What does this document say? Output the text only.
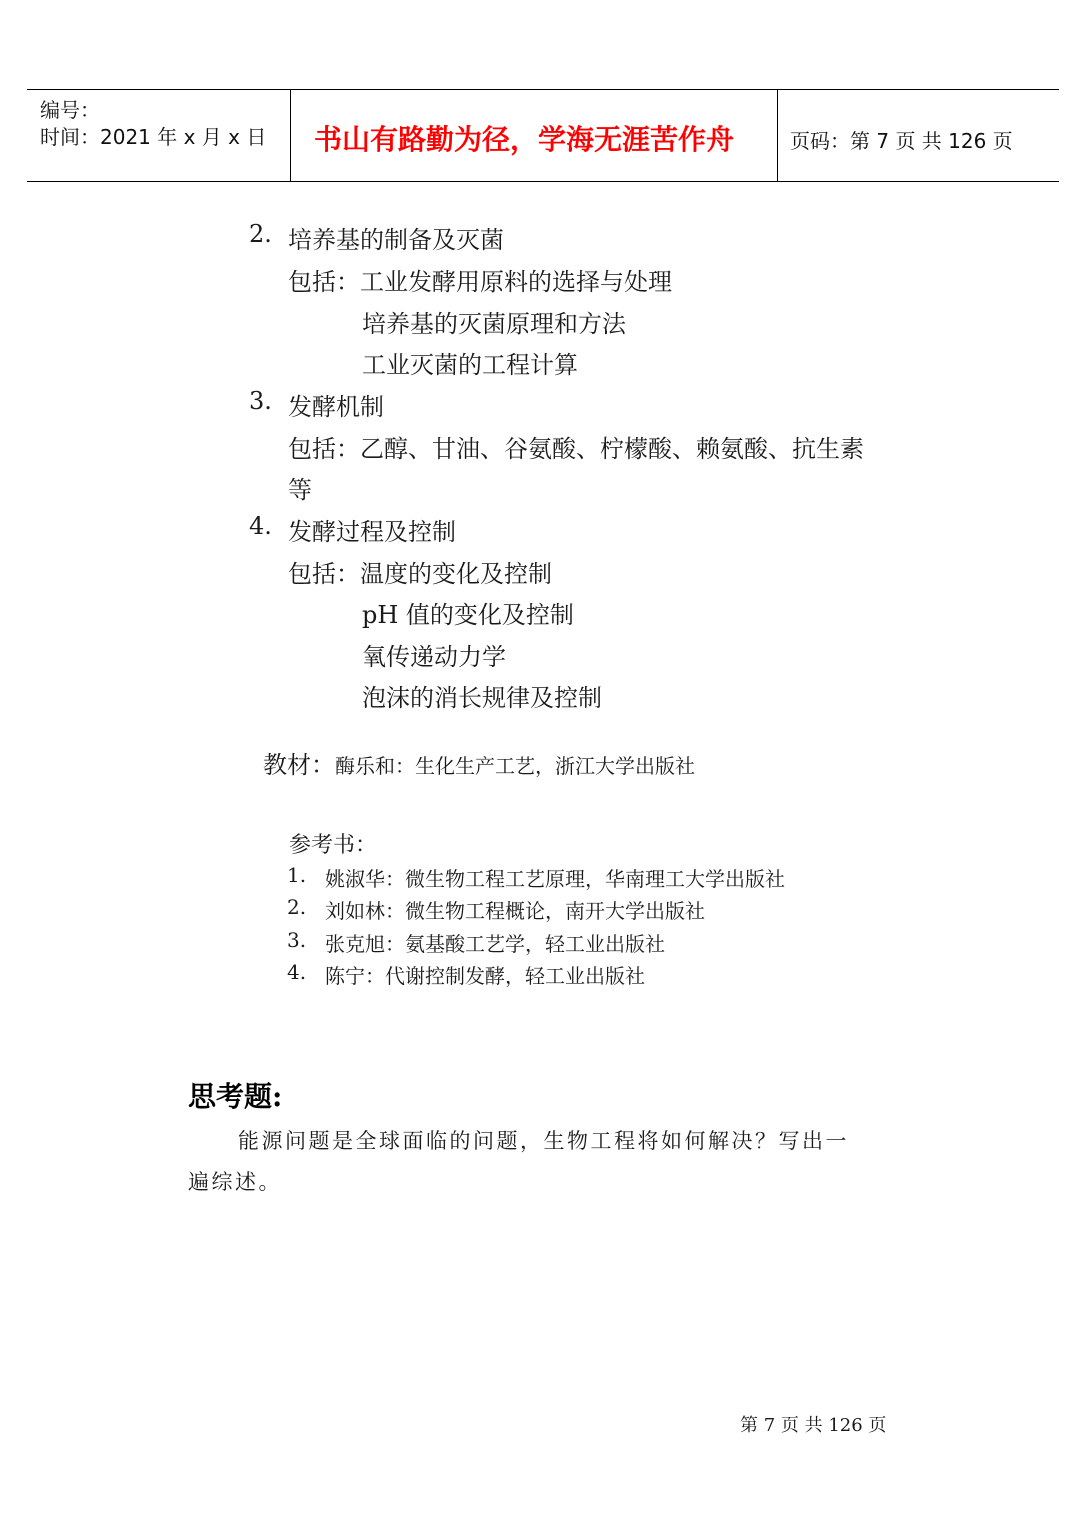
编号：
时间：2021 年 x 月 x 日 书山有路勤为径，学海无涯苦作舟	页码：第 7 页 共 126 页
2. 培养基的制备及灭菌
包括：工业发酵用原料的选择与处理
培养基的灭菌原理和方法
工业灭菌的工程计算
3. 发酵机制
包括：乙醇、甘油、谷氨酸、柠檬酸、赖氨酸、抗生素
等
4. 发酵过程及控制
包括：温度的变化及控制
pH 值的变化及控制
氧传递动力学
泡沫的消长规律及控制
教材：酶乐和：生化生产工艺，浙江大学出版社
参考书：
1. 姚淑华：微生物工程工艺原理，华南理工大学出版社
2. 刘如林：微生物工程概论，南开大学出版社
3. 张克旭：氨基酸工艺学，轻工业出版社
4. 陈宁：代谢控制发酵，轻工业出版社
思考题:
能源问题是全球面临的问题，生物工程将如何解决？写出一
遍综述。
第 7 页 共 126 页
